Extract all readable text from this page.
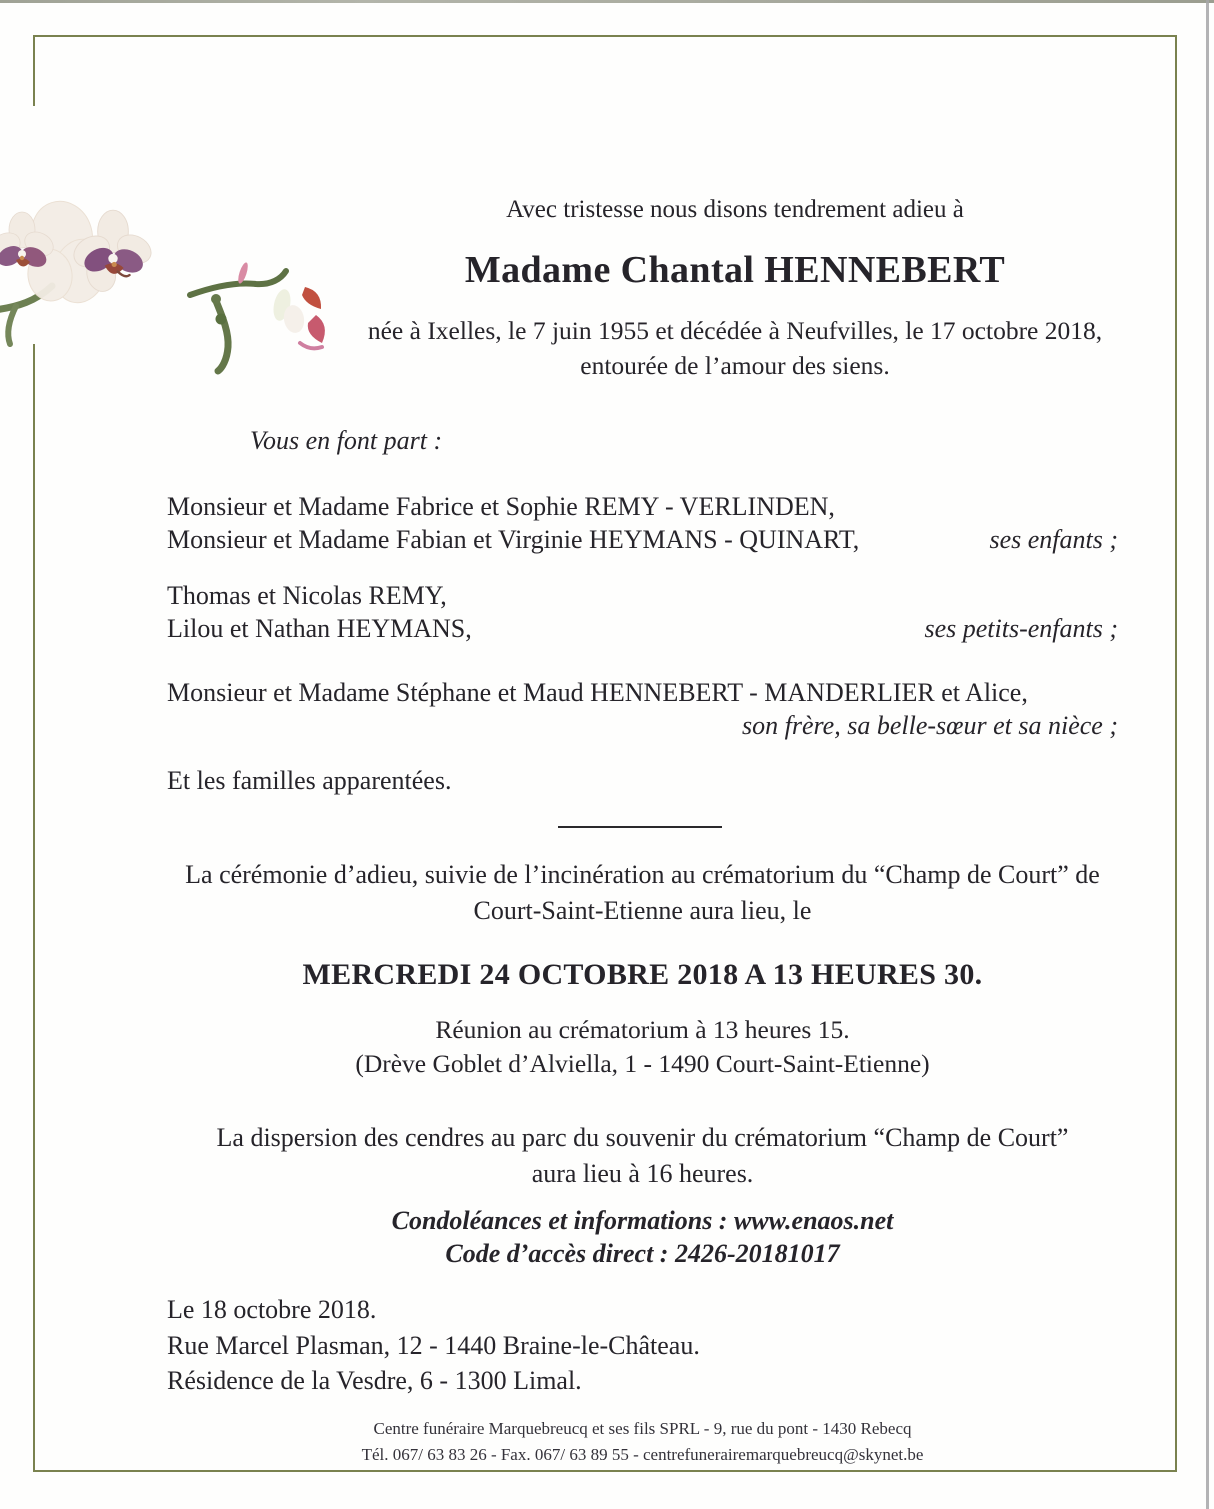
Avec tristesse nous disons tendrement adieu à
Madame Chantal HENNEBERT
née à Ixelles, le 7 juin 1955 et décédée à Neufvilles, le 17 octobre 2018,
entourée de l’amour des siens.
Vous en font part :
Monsieur et Madame Fabrice et Sophie REMY - VERLINDEN,
Monsieur et Madame Fabian et Virginie HEYMANS - QUINART,	ses enfants ;
Thomas et Nicolas REMY,
Lilou et Nathan HEYMANS,	ses petits-enfants ;
Monsieur et Madame Stéphane et Maud HENNEBERT - MANDERLIER et Alice,
son frère, sa belle-sœur et sa nièce ;
Et les familles apparentées.
La cérémonie d’adieu, suivie de l’incinération au crématorium du “Champ de Court” de
Court-Saint-Etienne aura lieu, le
MERCREDI 24 OCTOBRE 2018 A 13 HEURES 30.
Réunion au crématorium à 13 heures 15.
(Drève Goblet d’Alviella, 1 - 1490 Court-Saint-Etienne)
La dispersion des cendres au parc du souvenir du crématorium “Champ de Court”
aura lieu à 16 heures.
Condoléances et informations : www.enaos.net
Code d’accès direct : 2426-20181017
Le 18 octobre 2018.
Rue Marcel Plasman, 12 - 1440 Braine-le-Château.
Résidence de la Vesdre, 6 - 1300 Limal.
Centre funéraire Marquebreucq et ses fils SPRL - 9, rue du pont - 1430 Rebecq
Tél. 067/ 63 83 26 - Fax. 067/ 63 89 55 - centrefunerairemarquebreucq@skynet.be
